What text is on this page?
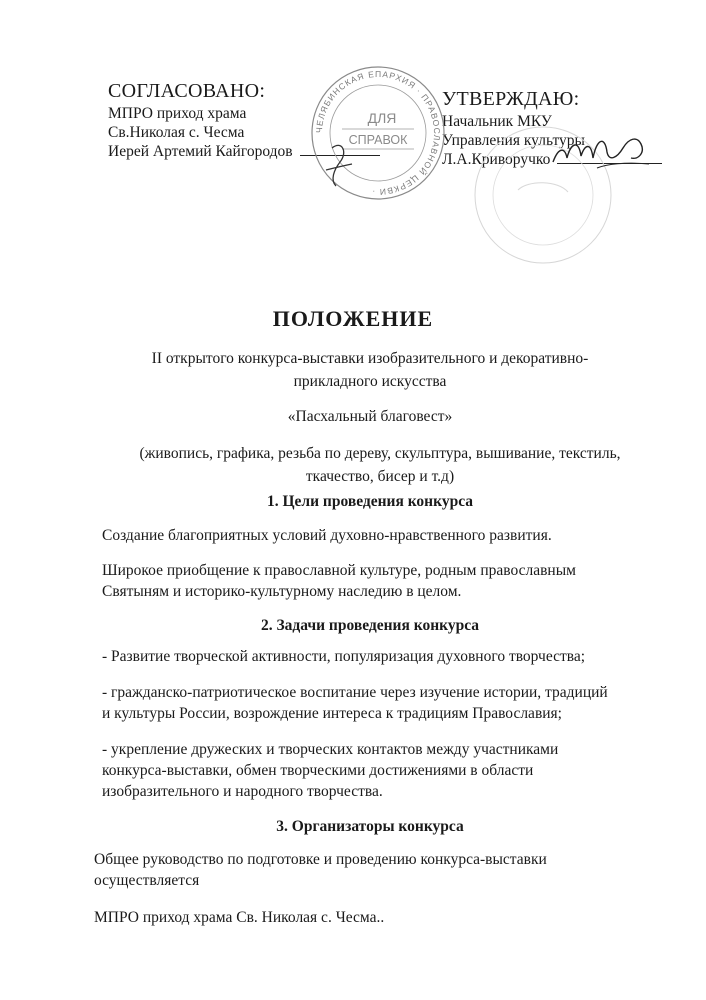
СОГЛАСОВАНО:
МПРО приход храма
Св.Николая с. Чесма
Иерей Артемий Кайгородов
УТВЕРЖДАЮ:
Начальник МКУ
Управления культуры
Л.А.Криворучко
ЧЕЛЯБИНСКАЯ ЕПАРХИЯ · ПРАВОСЛАВНОЙ ЦЕРКВИ ·
ДЛЯ
СПРАВОК
ПОЛОЖЕНИЕ
II открытого конкурса-выставки изобразительного и декоративно-
прикладного искусства
«Пасхальный благовест»
(живопись, графика, резьба по дереву, скульптура, вышивание, текстиль,
ткачество, бисер и т.д)
1. Цели проведения конкурса
Создание благоприятных условий духовно-нравственного развития.
Широкое приобщение к православной культуре, родным православным
Святыням и историко-культурному наследию в целом.
2. Задачи проведения конкурса
- Развитие творческой активности, популяризация духовного творчества;
- гражданско-патриотическое воспитание через изучение истории, традиций
и культуры России, возрождение интереса к традициям Православия;
- укрепление дружеских и творческих контактов между участниками
конкурса-выставки, обмен творческими достижениями в области
изобразительного и народного творчества.
3. Организаторы конкурса
Общее руководство по подготовке и проведению конкурса-выставки
осуществляется
МПРО приход храма Св. Николая с. Чесма..
